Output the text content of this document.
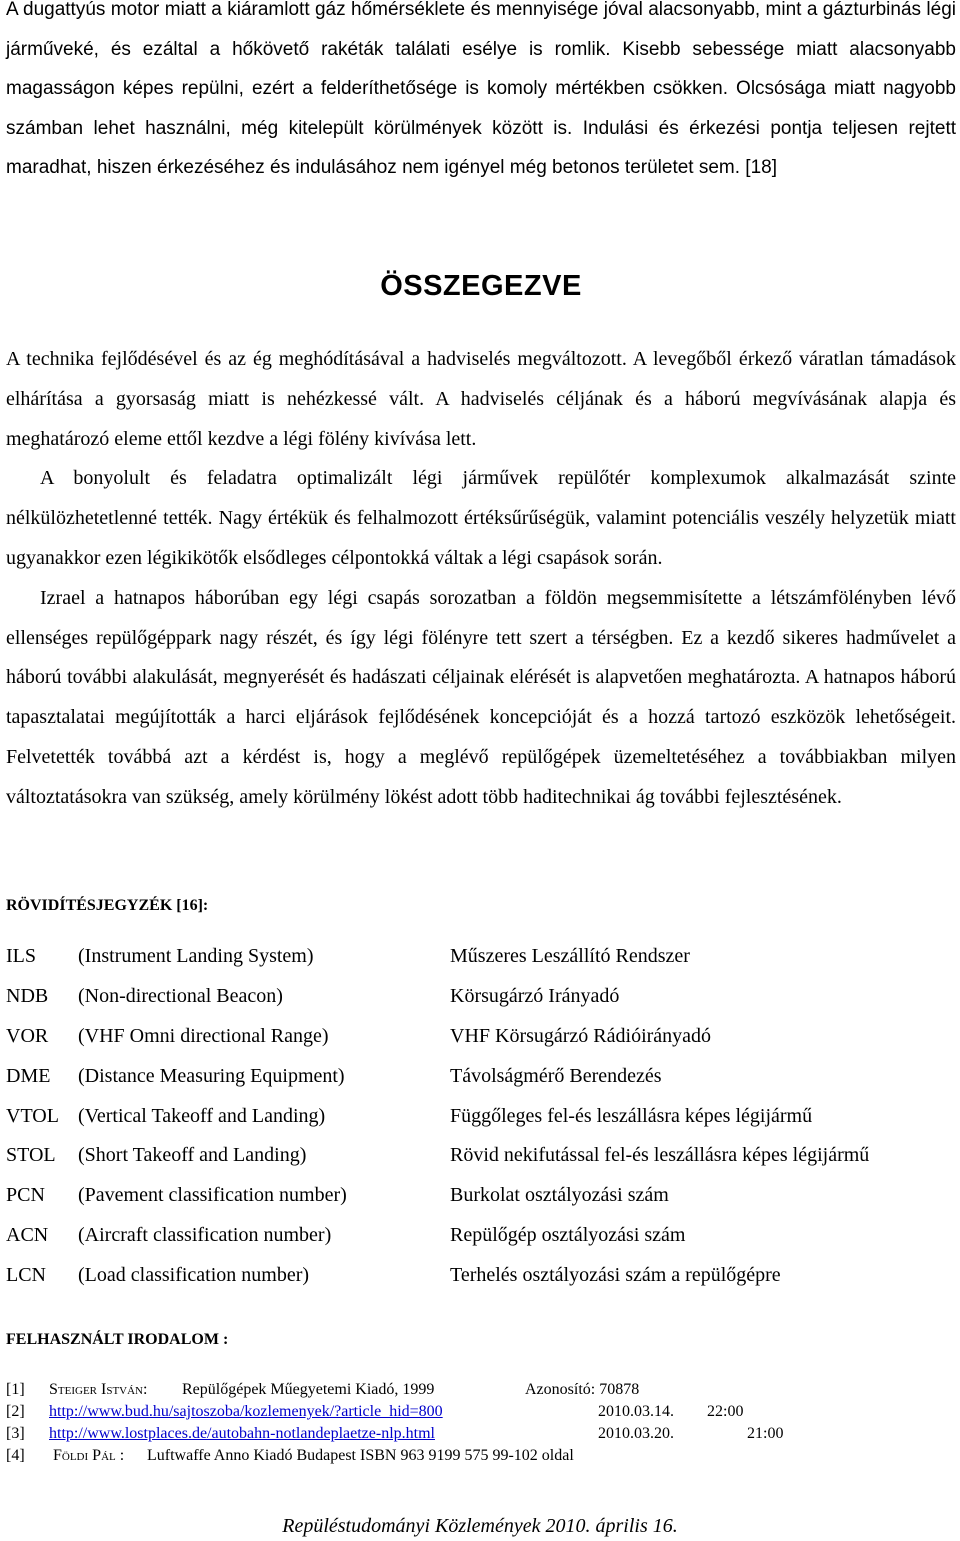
A dugattyús motor miatt a kiáramlott gáz hőmérséklete és mennyisége jóval alacsonyabb, mint a gázturbinás légi járműveké, és ezáltal a hőkövető rakéták találati esélye is romlik. Kisebb sebessége miatt alacsonyabb magasságon képes repülni, ezért a felderíthetősége is komoly mértékben csökken. Olcsósága miatt nagyobb számban lehet használni, még kitelepült körülmények között is. Indulási és érkezési pontja teljesen rejtett maradhat, hiszen érkezéséhez és indulásához nem igényel még betonos területet sem. [18]

ÖSSZEGEZVE

A technika fejlődésével és az ég meghódításával a hadviselés megváltozott. A levegőből érkező váratlan támadások elhárítása a gyorsaság miatt is nehézkessé vált. A hadviselés céljának és a háború megvívásának alapja és meghatározó eleme ettől kezdve a légi fölény kivívása lett.

A bonyolult és feladatra optimalizált légi járművek repülőtér komplexumok alkalmazását szinte nélkülözhetetlenné tették. Nagy értékük és felhalmozott értéksűrűségük, valamint potenciális veszély helyzetük miatt ugyanakkor ezen légikikötők elsődleges célpontokká váltak a légi csapások során.

Izrael a hatnapos háborúban egy légi csapás sorozatban a földön megsemmisítette a létszámfölényben lévő ellenséges repülőgéppark nagy részét, és így légi fölényre tett szert a térségben. Ez a kezdő sikeres hadművelet a háború további alakulását, megnyerését és hadászati céljainak elérését is alapvetően meghatározta. A hatnapos háború tapasztalatai megújították a harci eljárások fejlődésének koncepcióját és a hozzá tartozó eszközök lehetőségeit. Felvetették továbbá azt a kérdést is, hogy a meglévő repülőgépek üzemeltetéséhez a továbbiakban milyen változtatásokra van szükség, amely körülmény lökést adott több haditechnikai ág további fejlesztésének.

RÖVIDÍTÉSJEGYZÉK [16]:

ILS (Instrument Landing System)	Műszeres Leszállító Rendszer
NDB (Non-directional Beacon)	Körsugárzó Irányadó
VOR (VHF Omni directional Range)	VHF Körsugárzó Rádióirányadó
DME (Distance Measuring Equipment)	Távolságmérő Berendezés
VTOL (Vertical Takeoff and Landing)	Függőleges fel-és leszállásra képes légijármű
STOL (Short Takeoff and Landing)	Rövid nekifutással fel-és leszállásra képes légijármű
PCN (Pavement classification number)	Burkolat osztályozási szám
ACN (Aircraft classification number)	Repülőgép osztályozási szám
LCN (Load classification number)	Terhelés osztályozási szám a repülőgépre

FELHASZNÁLT IRODALOM :

[1] Steiger István: Repülőgépek Műegyetemi Kiadó, 1999	Azonosító: 70878
[2] http://www.bud.hu/sajtoszoba/kozlemenyek/?article_hid=800	2010.03.14. 22:00
[3] http://www.lostplaces.de/autobahn-notlandeplaetze-nlp.html	2010.03.20.	21:00
[4] Földi Pál : Luftwaffe Anno Kiadó Budapest ISBN 963 9199 575 99-102 oldal
Repüléstudományi Közlemények 2010. április 16.
